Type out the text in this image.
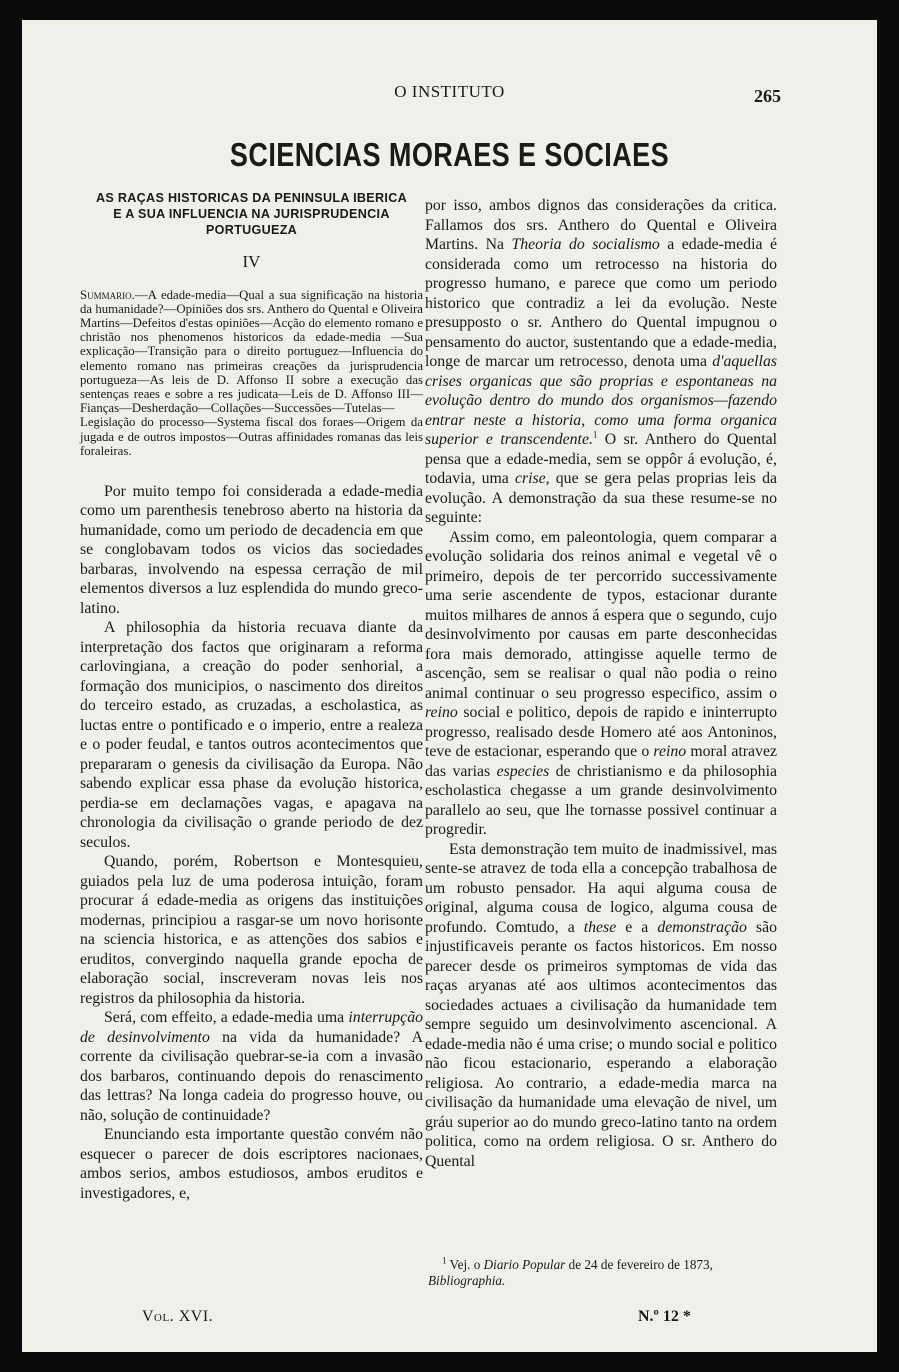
O INSTITUTO	265
SCIENCIAS MORAES E SOCIAES
AS RAÇAS HISTORICAS DA PENINSULA IBERICA
E A SUA INFLUENCIA NA JURISPRUDENCIA
PORTUGUEZA
IV

Summario.—A edade-media—Qual a sua significação na historia da humanidade?—Opiniões dos srs. Anthero do Quental e Oliveira Martins—Defeitos d'estas opiniões—Acção do elemento romano e christão nos phenomenos historicos da edade-media —Sua explicação—Transição para o direito portuguez—Influencia do elemento romano nas primeiras creações da jurisprudencia portugueza—As leis de D. Affonso II sobre a execução das sentenças reaes e sobre a res judicata—Leis de D. Affonso III—Fianças—Desherdação—Collações—Successões—Tutelas—Legislação do processo—Systema fiscal dos foraes—Origem da jugada e de outros impostos—Outras affinidades romanas das leis foraleiras.

Por muito tempo foi considerada a edade-media como um parenthesis tenebroso aberto na historia da humanidade, como um periodo de decadencia em que se conglobavam todos os vicios das sociedades barbaras, involvendo na espessa cerração de mil elementos diversos a luz esplendida do mundo greco-latino.

A philosophia da historia recuava diante da interpretação dos factos que originaram a reforma carlovingiana, a creação do poder senhorial, a formação dos municipios, o nascimento dos direitos do terceiro estado, as cruzadas, a escholastica, as luctas entre o pontificado e o imperio, entre a realeza e o poder feudal, e tantos outros acontecimentos que prepararam o genesis da civilisação da Europa. Não sabendo explicar essa phase da evolução historica, perdia-se em declamações vagas, e apagava na chronologia da civilisação o grande periodo de dez seculos.

Quando, porém, Robertson e Montesquieu, guiados pela luz de uma poderosa intuição, foram procurar á edade-media as origens das instituições modernas, principiou a rasgar-se um novo horisonte na sciencia historica, e as attenções dos sabios e eruditos, convergindo naquella grande epocha de elaboração social, inscreveram novas leis nos registros da philosophia da historia.

Será, com effeito, a edade-media uma interrupção de desinvolvimento na vida da humanidade? A corrente da civilisação quebrar-se-ia com a invasão dos barbaros, continuando depois do renascimento das lettras? Na longa cadeia do progresso houve, ou não, solução de continuidade?

Enunciando esta importante questão convém não esquecer o parecer de dois escriptores nacionaes, ambos serios, ambos estudiosos, ambos eruditos e investigadores, e,

por isso, ambos dignos das considerações da critica. Fallamos dos srs. Anthero do Quental e Oliveira Martins. Na Theoria do socialismo a edade-media é considerada como um retrocesso na historia do progresso humano, e parece que como um periodo historico que contradiz a lei da evolução. Neste presupposto o sr. Anthero do Quental impugnou o pensamento do auctor, sustentando que a edade-media, longe de marcar um retrocesso, denota uma d'aquellas crises organicas que são proprias e espontaneas na evolução dentro do mundo dos organismos—fazendo entrar neste a historia, como uma forma organica superior e transcendente.$^1$ O sr. Anthero do Quental pensa que a edade-media, sem se oppôr á evolução, é, todavia, uma crise, que se gera pelas proprias leis da evolução. A demonstração da sua these resume-se no seguinte:

Assim como, em paleontologia, quem comparar a evolução solidaria dos reinos animal e vegetal vê o primeiro, depois de ter percorrido successivamente uma serie ascendente de typos, estacionar durante muitos milhares de annos á espera que o segundo, cujo desinvolvimento por causas em parte desconhecidas fora mais demorado, attingisse aquelle termo de ascenção, sem se realisar o qual não podia o reino animal continuar o seu progresso especifico, assim o reino social e politico, depois de rapido e ininterrupto progresso, realisado desde Homero até aos Antoninos, teve de estacionar, esperando que o reino moral atravez das varias especies de christianismo e da philosophia escholastica chegasse a um grande desinvolvimento parallelo ao seu, que lhe tornasse possivel continuar a progredir.

Esta demonstração tem muito de inadmissivel, mas sente-se atravez de toda ella a concepção trabalhosa de um robusto pensador. Ha aqui alguma cousa de original, alguma cousa de logico, alguma cousa de profundo. Comtudo, a these e a demonstração são injustificaveis perante os factos historicos. Em nosso parecer desde os primeiros symptomas de vida das raças aryanas até aos ultimos acontecimentos das sociedades actuaes a civilisação da humanidade tem sempre seguido um desinvolvimento ascencional. A edade-media não é uma crise; o mundo social e politico não ficou estacionario, esperando a elaboração religiosa. Ao contrario, a edade-media marca na civilisação da humanidade uma elevação de nivel, um gráu superior ao do mundo greco-latino tanto na ordem politica, como na ordem religiosa. O sr. Anthero do Quental

$^1$ Vej. o Diario Popular de 24 de fevereiro de 1873, Bibliographia.

Vol. XVI.	N.º 12 *
